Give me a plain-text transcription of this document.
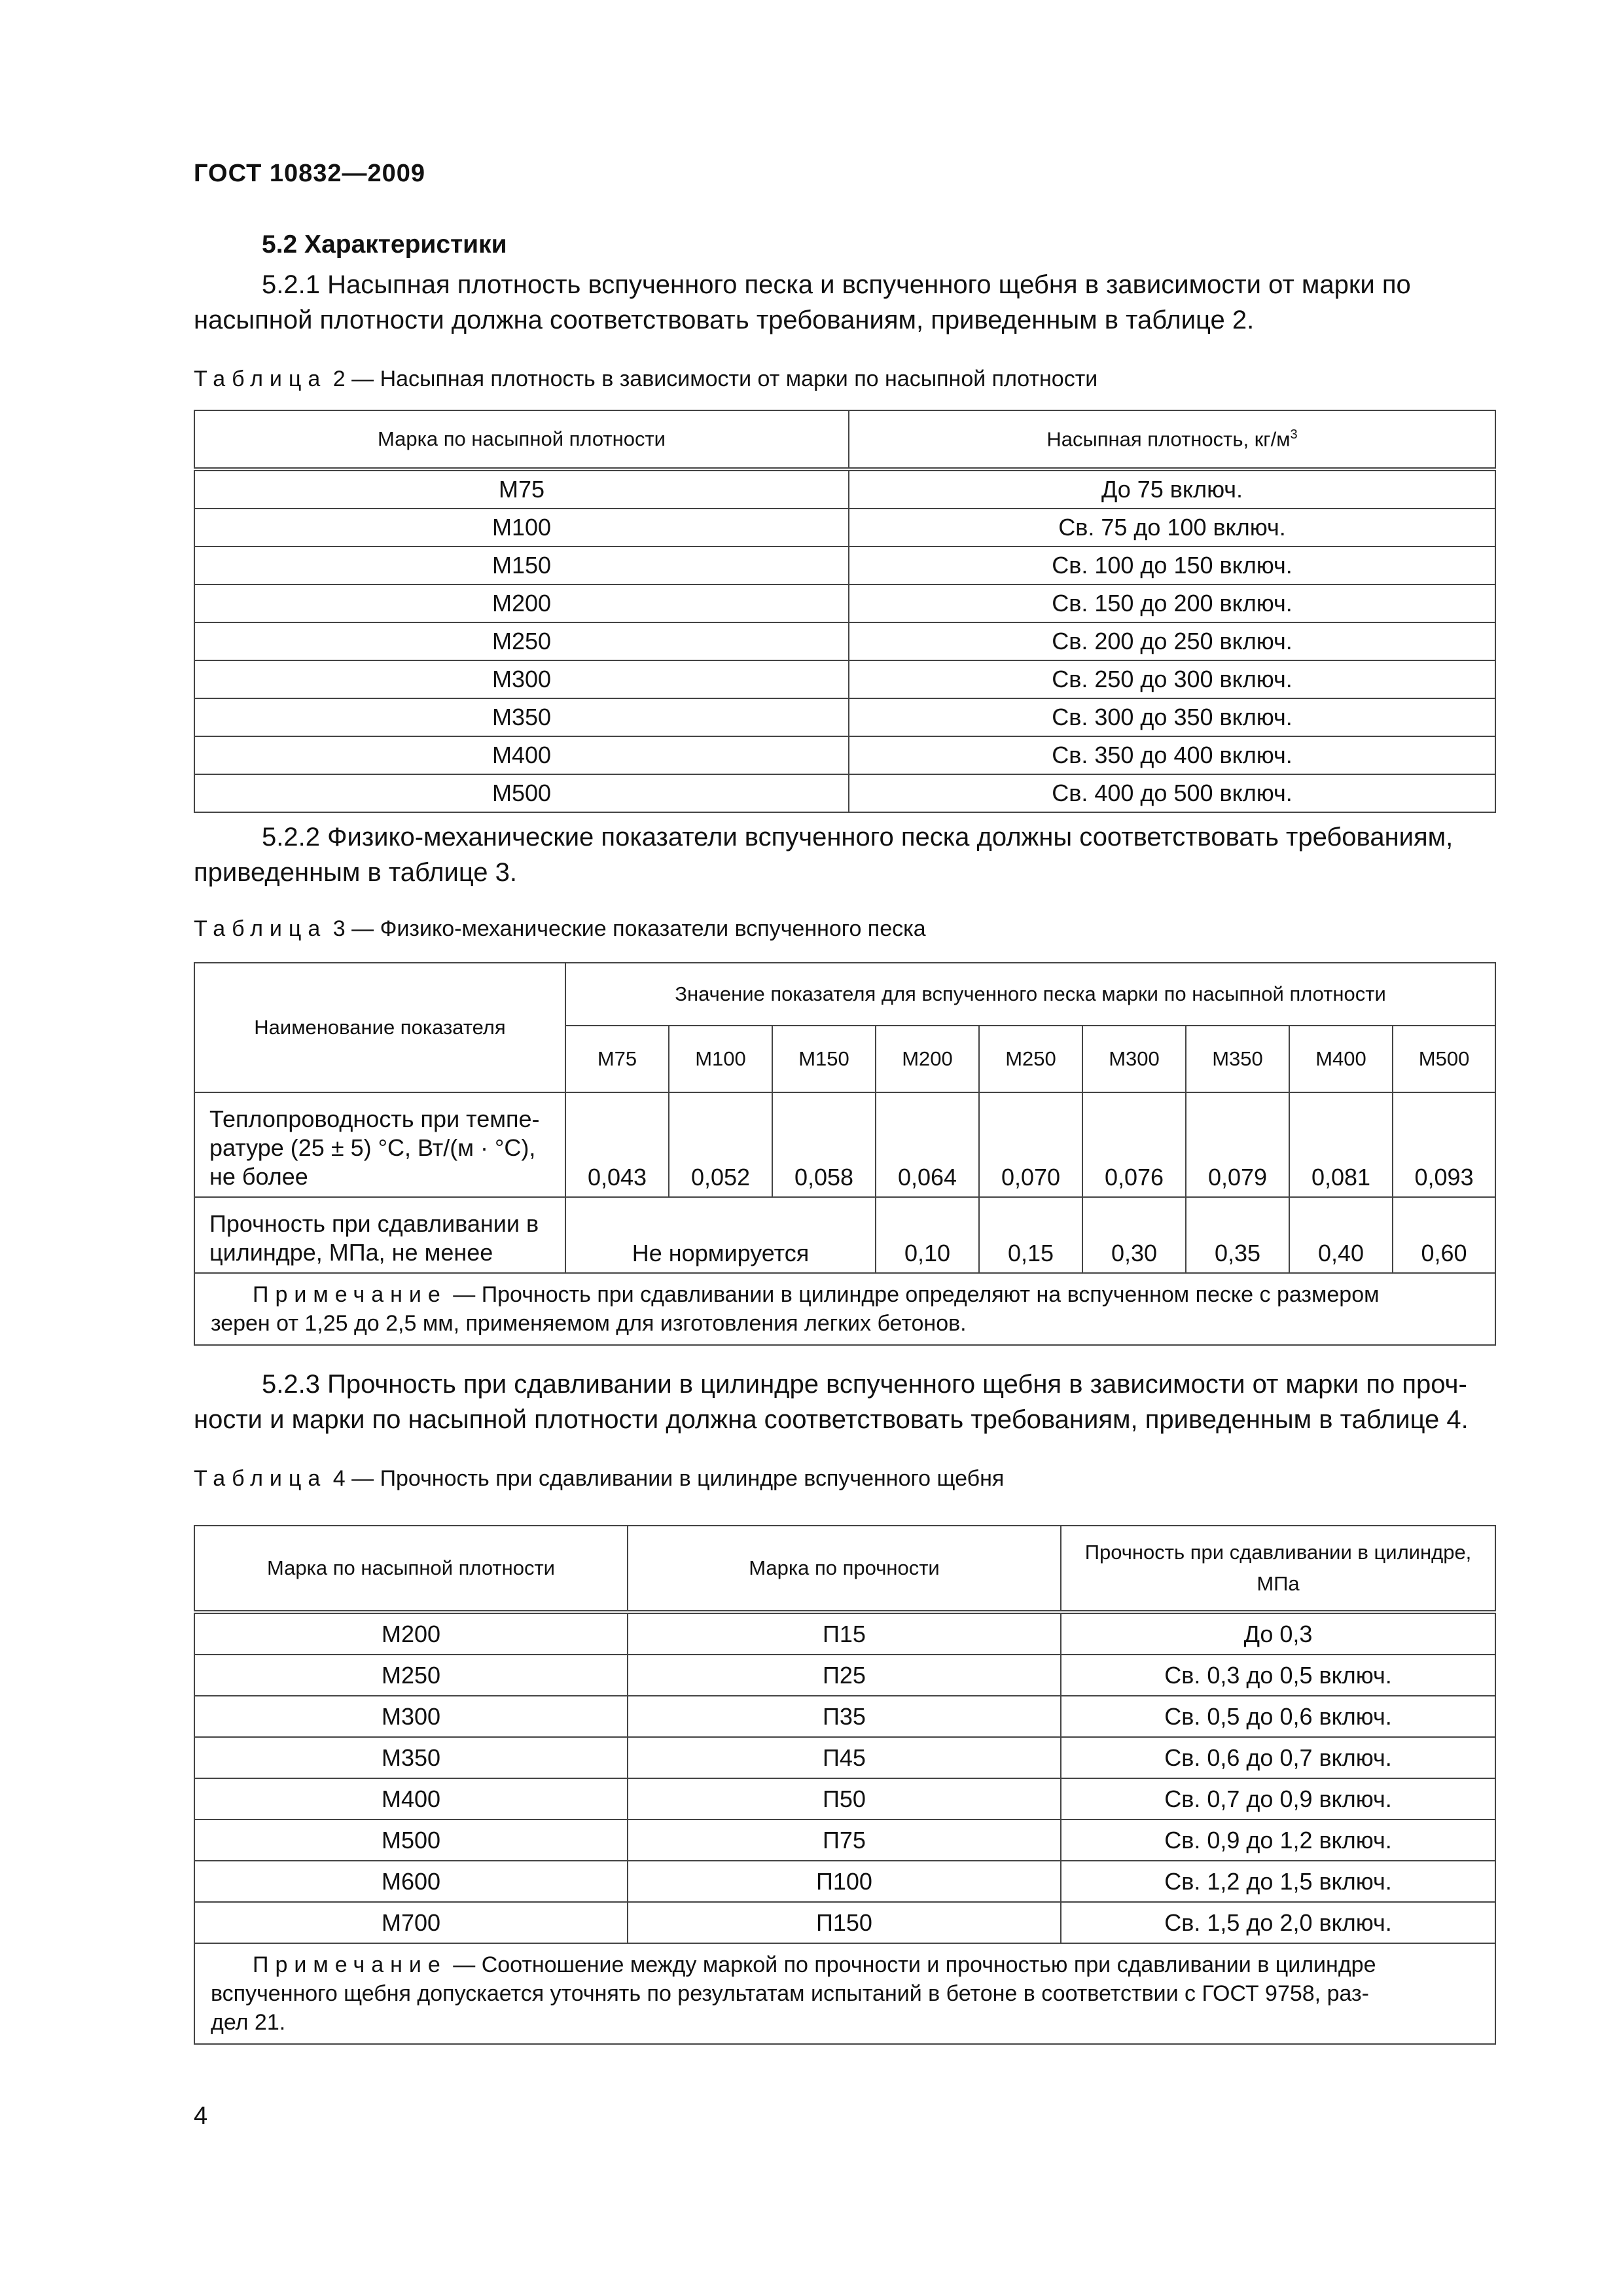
ГОСТ 10832—2009
5.2 Характеристики
5.2.1 Насыпная плотность вспученного песка и вспученного щебня в зависимости от марки по
насыпной плотности должна соответствовать требованиям, приведенным в таблице 2.
Таблица 2 — Насыпная плотность в зависимости от марки по насыпной плотности
Марка по насыпной плотности	Насыпная плотность, $кг/м^3$
М75	До 75 включ.
М100	Св. 75 до 100 включ.
М150	Св. 100 до 150 включ.
М200	Св. 150 до 200 включ.
М250	Св. 200 до 250 включ.
М300	Св. 250 до 300 включ.
М350	Св. 300 до 350 включ.
М400	Св. 350 до 400 включ.
М500	Св. 400 до 500 включ.
5.2.2 Физико-механические показатели вспученного песка должны соответствовать требованиям,
приведенным в таблице 3.
Таблица 3 — Физико-механические показатели вспученного песка
Наименование показателя	Значение показателя для вспученного песка марки по насыпной плотности								
	М75	М100	М150	М200	М250	М300	М350	М400	М500
Теплопроводность при темпе-
ратуре (25 ± 5) °С, Вт/(м · °С),
не более	0,043	0,052	0,058	0,064	0,070	0,076	0,079	0,081	0,093
Прочность при сдавливании в
цилиндре, МПа, не менее	Не нормируется			0,10	0,15	0,30	0,35	0,40	0,60

Примечание — Прочность при сдавливании в цилиндре определяют на вспученном песке с размером
зерен от 1,25 до 2,5 мм, применяемом для изготовления легких бетонов.									
5.2.3 Прочность при сдавливании в цилиндре вспученного щебня в зависимости от марки по проч-
ности и марки по насыпной плотности должна соответствовать требованиям, приведенным в таблице 4.
Таблица 4 — Прочность при сдавливании в цилиндре вспученного щебня
Марка по насыпной плотности	Марка по прочности	Прочность при сдавливании в цилиндре,
МПа
М200	П15	До 0,3
М250	П25	Св. 0,3 до 0,5 включ.
М300	П35	Св. 0,5 до 0,6 включ.
М350	П45	Св. 0,6 до 0,7 включ.
М400	П50	Св. 0,7 до 0,9 включ.
М500	П75	Св. 0,9 до 1,2 включ.
М600	П100	Св. 1,2 до 1,5 включ.
М700	П150	Св. 1,5 до 2,0 включ.

Примечание — Соотношение между маркой по прочности и прочностью при сдавливании в цилиндре
вспученного щебня допускается уточнять по результатам испытаний в бетоне в соответствии с ГОСТ 9758, раз-
дел 21.		
4
